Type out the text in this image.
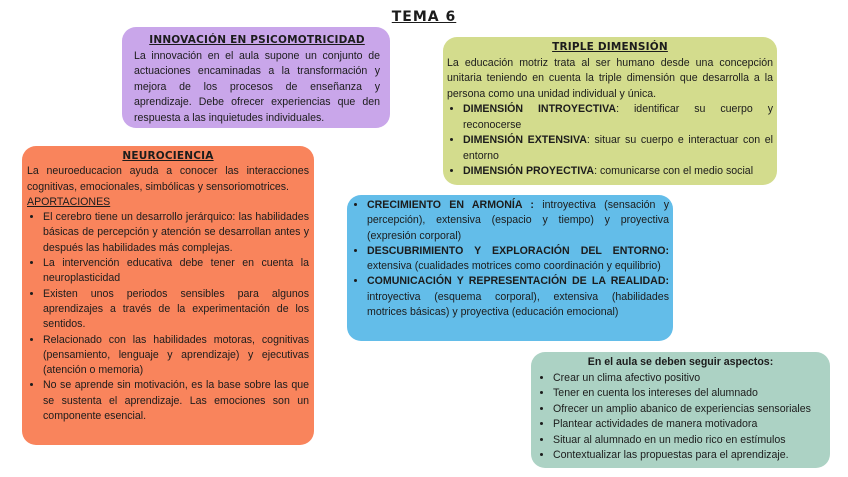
TEMA 6
INNOVACIÓN EN PSICOMOTRICIDAD

La innovación en el aula supone un conjunto de actuaciones encaminadas a la transformación y mejora de los procesos de enseñanza y aprendizaje. Debe ofrecer experiencias que den respuesta a las inquietudes individuales.

TRIPLE DIMENSIÓN

La educación motriz trata al ser humano desde una concepción unitaria teniendo en cuenta la triple dimensión que desarrolla a la persona como una unidad individual y única.

• DIMENSIÓN INTROYECTIVA: identificar su cuerpo y reconocerse
• DIMENSIÓN EXTENSIVA: situar su cuerpo e interactuar con el entorno
• DIMENSIÓN PROYECTIVA: comunicarse con el medio social
NEUROCIENCIA

La neuroeducacion ayuda a conocer las interacciones cognitivas, emocionales, simbólicas y sensoriomotrices.

APORTACIONES

• El cerebro tiene un desarrollo jerárquico: las habilidades básicas de percepción y atención se desarrollan antes y después las habilidades más complejas.
• La intervención educativa debe tener en cuenta la neuroplasticidad
• Existen unos periodos sensibles para algunos aprendizajes a través de la experimentación de los sentidos.
• Relacionado con las habilidades motoras, cognitivas (pensamiento, lenguaje y aprendizaje) y ejecutivas (atención o memoria)
• No se aprende sin motivación, es la base sobre las que se sustenta el aprendizaje. Las emociones son un componente esencial.
• CRECIMIENTO EN ARMONÍA : introyectiva (sensación y percepción), extensiva (espacio y tiempo) y proyectiva (expresión corporal)
• DESCUBRIMIENTO Y EXPLORACIÓN DEL ENTORNO: extensiva (cualidades motrices como coordinación y equilibrio)
• COMUNICACIÓN Y REPRESENTACIÓN DE LA REALIDAD: introyectiva (esquema corporal), extensiva (habilidades motrices básicas) y proyectiva (educación emocional)

En el aula se deben seguir aspectos:

• Crear un clima afectivo positivo
• Tener en cuenta los intereses del alumnado
• Ofrecer un amplio abanico de experiencias sensoriales
• Plantear actividades de manera motivadora
• Situar al alumnado en un medio rico en estímulos
• Contextualizar las propuestas para el aprendizaje.
